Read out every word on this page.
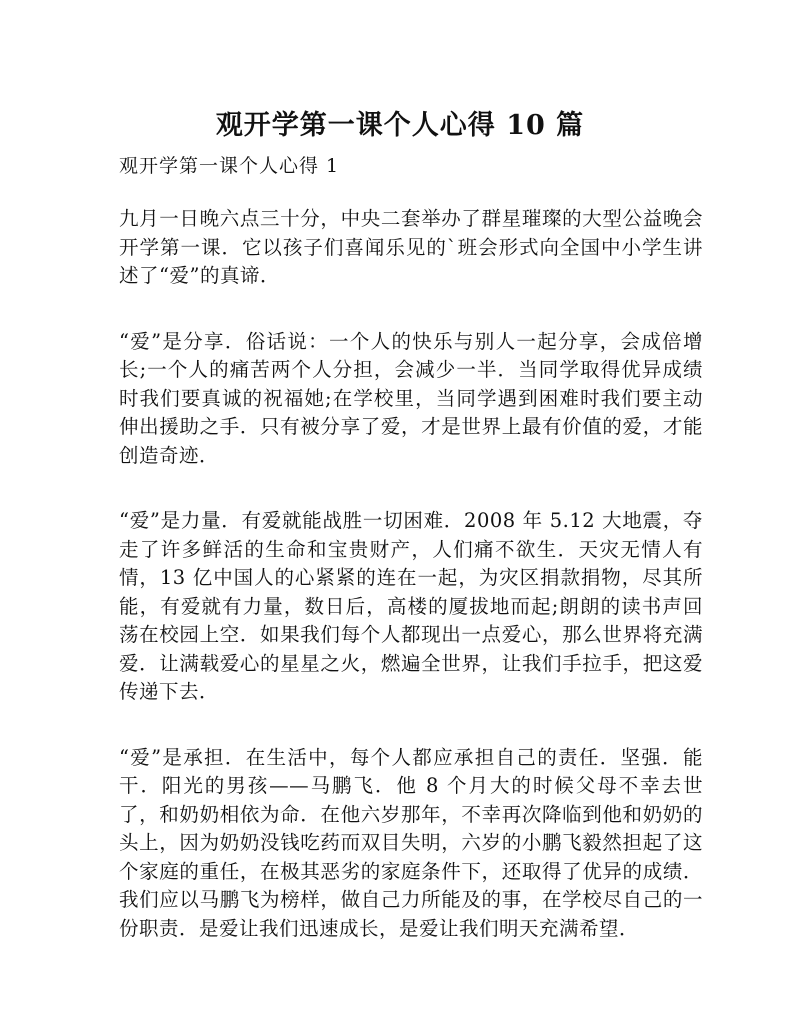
观开学第一课个人心得 10 篇

观开学第一课个人心得 1

九月一日晚六点三十分，中央二套举办了群星璀璨的大型公益晚会开学第一课．它以孩子们喜闻乐见的`班会形式向全国中小学生讲述了“爱”的真谛．

“爱”是分享．俗话说：一个人的快乐与别人一起分享，会成倍增长;一个人的痛苦两个人分担，会减少一半．当同学取得优异成绩时我们要真诚的祝福她;在学校里，当同学遇到困难时我们要主动伸出援助之手．只有被分享了爱，才是世界上最有价值的爱，才能创造奇迹．

“爱”是力量．有爱就能战胜一切困难．2008 年 5.12 大地震，夺走了许多鲜活的生命和宝贵财产，人们痛不欲生．天灾无情人有情，13 亿中国人的心紧紧的连在一起，为灾区捐款捐物，尽其所能，有爱就有力量，数日后，高楼的厦拔地而起;朗朗的读书声回荡在校园上空．如果我们每个人都现出一点爱心，那么世界将充满爱．让满载爱心的星星之火，燃遍全世界，让我们手拉手，把这爱传递下去．

“爱”是承担．在生活中，每个人都应承担自己的责任．坚强．能干．阳光的男孩——马鹏飞．他 8 个月大的时候父母不幸去世了，和奶奶相依为命．在他六岁那年，不幸再次降临到他和奶奶的头上，因为奶奶没钱吃药而双目失明，六岁的小鹏飞毅然担起了这个家庭的重任，在极其恶劣的家庭条件下，还取得了优异的成绩．我们应以马鹏飞为榜样，做自己力所能及的事，在学校尽自己的一份职责．是爱让我们迅速成长，是爱让我们明天充满希望．
